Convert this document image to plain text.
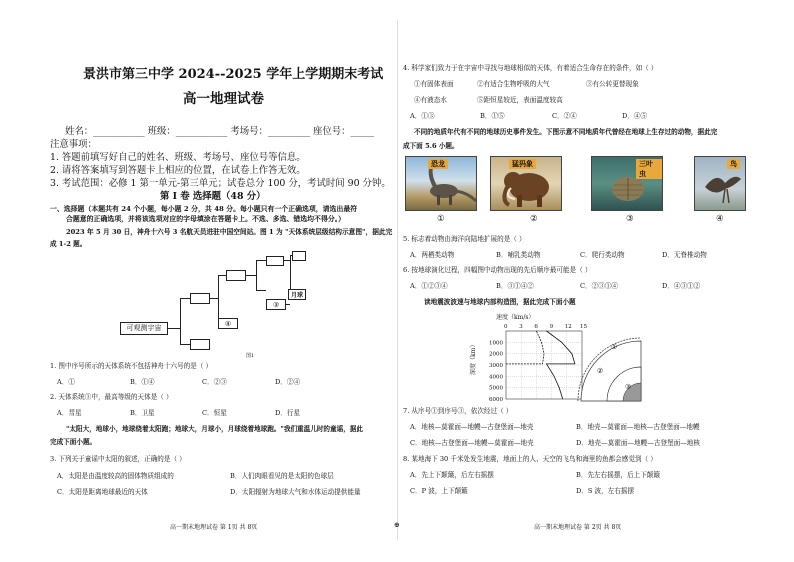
景洪市第三中学 2024--2025 学年上学期期末考试
高一地理试卷
姓名：___________ 班级：___________ 考场号：_________ 座位号：_____
注意事项：
1. 答题前填写好自己的姓名、班级、考场号、座位号等信息。
2. 请将答案填写到答题卡上相应的位置，在试卷上作答无效。
3. 考试范围：必修 1 第一单元-第三单元；试卷总分 100 分，考试时间 90 分钟。
第 I 卷 选择题（48 分）
一、选择题（本题共有 24 个小题，每小题 2 分，共 48 分。每小题只有一个正确选项，请选出最符
合题意的正确选项，并将该选项对应的字母填涂在答题卡上。不选、多选、错选均不得分。）
2023 年 5 月 30 日，神舟十六号 3 名航天员进驻中国空间站。图 1 为 "天体系统层级结构示意图"，据此完
成 1-2 题。
可观测宇宙	④
③
月球
图1
1. 图中序号所示的天体系统不包括神舟十六号的是（ ）
A．①	B．①④	C．②③	D．②④
2. 天体系统③中，最高等级的天体是（ ）
A．彗星	B．卫星	C．恒星	D．行星
"太阳大，地球小，地球绕着太阳跑；地球大，月球小，月球绕着地球跑。"我们重温儿时的童谣，据此
完成下面小题。
3. 下列关于童谣中太阳的叙述，正确的是（ ）
A．太阳是由温度较高的固体物质组成的	B．人们肉眼看见的是太阳的色球层
C．太阳是距离地球最近的天体	D．太阳辐射为地球大气和水体运动提供能量
高一期末地理试卷 第 1页 共 8页	⊕
4. 科学家们致力于在宇宙中寻找与地球相似的天体，有着适合生命存在的条件，如（ ）
①有固体表面	②有适合生物呼吸的大气	③有公转更替现象
④有液态水	⑤距恒星较近，表面温度较高
A．①③	B．①⑤	C．②④	D．④⑤
不同的地质年代有不同的地球历史事件发生。下图示意不同地质年代曾经在地球上生存过的动物，据此完
成下面 5.6 小题。
恐龙	猛犸象	三叶虫
鸟
①	②	③	④
5. 标志着动物由海洋向陆地扩展的是（ ）
A．两栖类动物	B．哺乳类动物	C．爬行类动物	D．无脊椎动物
6. 按地球演化过程，四幅图中动物出现的先后顺序最可能是（ ）
A．①②③④	B．③①④②	C．②③①④	D．④③①②
读地震波波速与地球内部构造图，据此完成下面小题
速度（km/s）
深度（km）
0 3 6 9 12 15
1000
2000
3000
4000
5000
6000
①
②
③
7. 从序号①到序号③，依次经过（ ）
A．地核—莫霍面—地幔—古登堡面—地壳	B．地壳—莫霍面—地核—古登堡面—地幔
C．地核—古登堡面—地幔—莫霍面—地壳	D．地壳—莫霍面—地幔—古登堡面—地核
8. 某地海下 30 千米处发生地震，地面上的人、天空的飞鸟和海里的鱼都会感觉到（ ）
A．先上下颠簸，后左右摇摆	B．先左右摇摆，后上下颠簸
C．P 波，上下颠簸	D．S 波，左右摇摆
高一期末地理试卷 第 2页 共 8页
